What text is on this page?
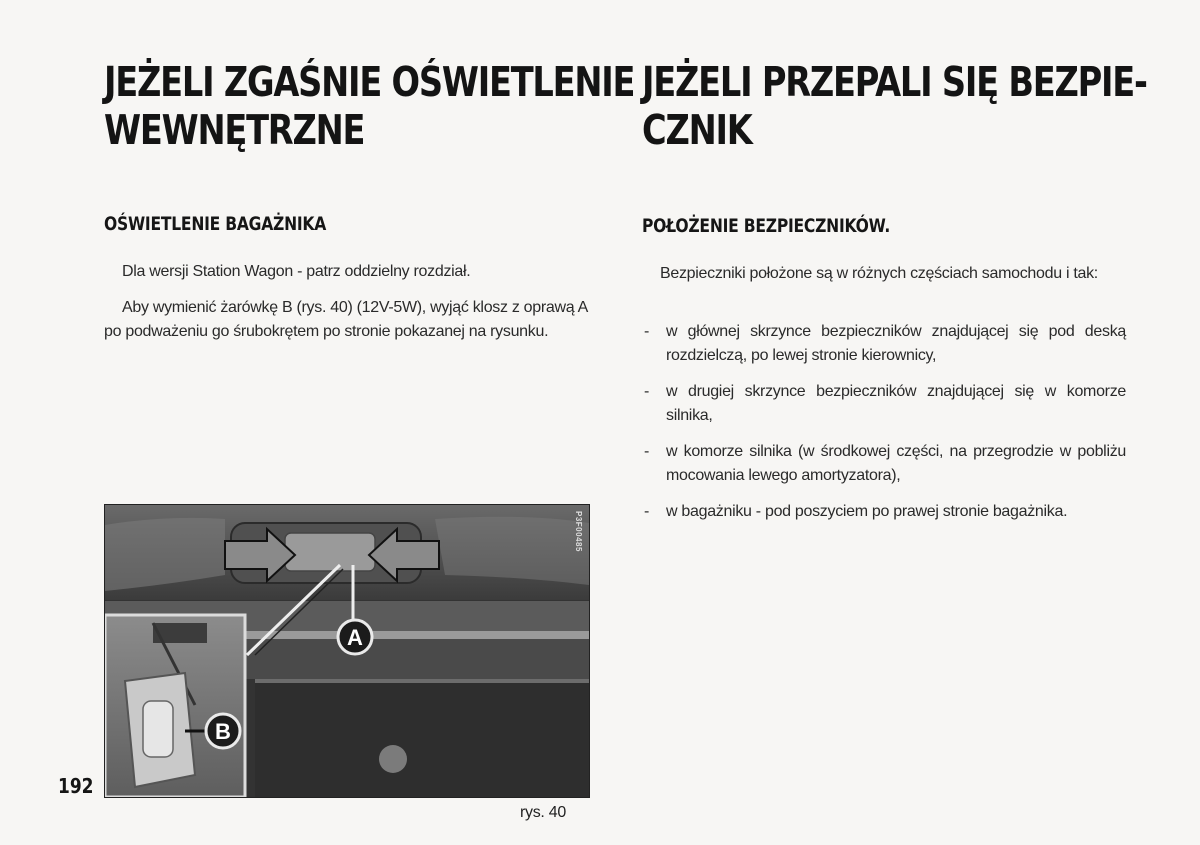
JEŻELI ZGAŚNIE OŚWIETLENIE
WEWNĘTRZNE
OŚWIETLENIE BAGAŻNIKA

Dla wersji Station Wagon - patrz oddzielny rozdział.

Aby wymienić żarówkę B (rys. 40) (12V-5W), wyjąć klosz z oprawą A po podważeniu go śrubokrętem po stronie pokazanej na rysunku.

JEŻELI PRZEPALI SIĘ BEZPIE-
CZNIK
POŁOŻENIE BEZPIECZNIKÓW.

Bezpieczniki położone są w różnych częściach samochodu i tak:

- w głównej skrzynce bezpieczników znajdującej się pod deską rozdzielczą, po lewej stronie kierownicy,
- w drugiej skrzynce bezpieczników znajdującej się w komorze silnika,
- w komorze silnika (w środkowej części, na przegrodzie w pobliżu mocowania lewego amortyzatora),
- w bagażniku - pod poszyciem po prawej stronie bagażnika.
A
B
P3F00485
rys. 40
192
